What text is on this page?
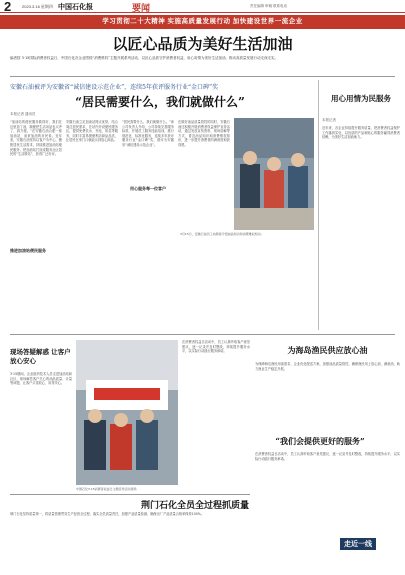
2	2023.3.16 星期四 中国石化报	要闻	责任编辑 审稿 联系电话
学习贯彻二十大精神 实施高质量发展行动 加快建设世界一流企业
以匠心品质为美好生活加油
编者按 3·15国际消费者权益日，中国石化各企业围绕“消费维权”主题开展系列活动，以匠心品质守护消费者权益，用心用情为美好生活加油，推动高质量发展行动走深走实。
安徽石油被评为安徽省“诚信建设示范企业”，连续5年获评服务行业“金口碑”奖
“居民需要什么，我们就做什么”
本报记者 通讯员
“加油站的便民服务做得好，我们在这里加了油，顺便把生活用品也买齐了，真方便。”在安徽石油合肥一座加油站，前来加油的市民说。近年来，安徽石油坚持以客户为中心，聚焦居民生活需求，持续推进加油站便民服务，把加油站打造成服务社区居民的“生活驿站”，获得广泛好评。
推进加油站便民服务
安徽石油立足加油站网点优势，结合周边居民需求，在站内开设便民服务区，提供免费饮水、充电、休息等服务，同时丰富易捷便利店商品品类，让居民在家门口就能买到放心商品。
用心服务每一位客户
“居民需要什么，我们就做什么。”该公司负责人介绍，公司持续完善服务标准，开展员工服务技能培训，推行规范化、标准化服务，连续多年获评服务行业“金口碑”奖，被评为安徽省“诚信建设示范企业”。
在做好油品质量管控的同时，安徽石油还积极开展消费者权益保护宣传活动，通过发放宣传资料、现场讲解等方式，普及油品知识和消费维权知识，进一步提升消费者的满意度和获得感。
3月15日，安徽石油员工向顾客介绍油品知识和消费维权知识。
用心用情为民服务
本报记者
近年来，各企业持续提升服务质量，把消费者权益保护工作落到实处，以优质的产品和贴心的服务赢得消费者信赖，为美好生活加油助力。
现场答疑解惑 让客户放心安心
3·15期间，企业组织技术人员走进加油站和社区，现场解答客户关心的油品质量、计量等问题，让客户买得放心、用得安心。
中国石化3·15消费者权益日主题宣传活动现场
在消费者权益日活动中，员工认真听取客户意见建议，逐一记录并及时整改，持续提升服务水平，以实际行动践行服务承诺。	为海岛渔民供应放心油
为保障海岛渔民用油需求，企业优化配送方案，加强油品质量管控，确保渔民用上放心油、满意油，助力渔业生产稳定开展。
“我们会提供更好的服务”
在消费者权益日活动中，员工认真听取客户意见建议，逐一记录并及时整改，持续提升服务水平，以实际行动践行服务承诺。
荆门石化全员全过程抓质量
荆门石化坚持质量第一，将质量管理贯穿生产经营全过程，落实全员质量责任，加强产品质量检测，确保出厂产品质量合格率保持100%。
走近一线
